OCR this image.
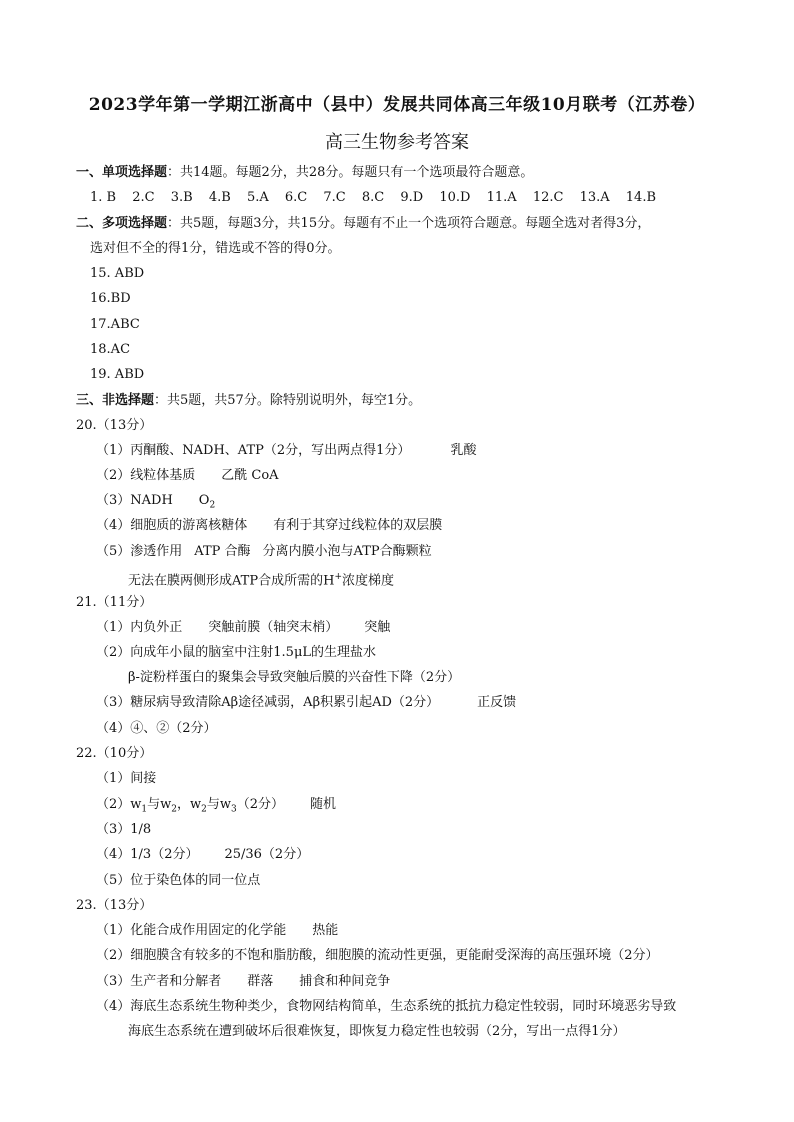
2023学年第一学期江浙高中（县中）发展共同体高三年级10月联考（江苏卷）
高三生物参考答案
一、单项选择题：共14题。每题2分，共28分。每题只有一个选项最符合题意。
1. B 2.C 3.B 4.B 5.A 6.C 7.C 8.C 9.D 10.D 11.A 12.C 13.A 14.B
二、多项选择题：共5题，每题3分，共15分。每题有不止一个选项符合题意。每题全选对者得3分，
选对但不全的得1分，错选或不答的得0分。
15. ABD
16.BD
17.ABC
18.AC
19. ABD
三、非选择题：共5题，共57分。除特别说明外，每空1分。
20.（13分）
（1）丙酮酸、NADH、ATP（2分，写出两点得1分）	乳酸
（2）线粒体基质 乙酰 CoA
（3）NADH $O_2$
（4）细胞质的游离核糖体 有利于其穿过线粒体的双层膜
（5）渗透作用 ATP 合酶 分离内膜小泡与ATP合酶颗粒
无法在膜两侧形成ATP合成所需的H+浓度梯度
21.（11分）
（1）内负外正 突触前膜（轴突末梢） 突触
（2）向成年小鼠的脑室中注射1.5μL的生理盐水
β-淀粉样蛋白的聚集会导致突触后膜的兴奋性下降（2分）
（3）糖尿病导致清除Aβ途径减弱，Aβ积累引起AD（2分）	正反馈
（4）④、②（2分）
22.（10分）
（1）间接
$(2)w_1$与$w_2$，$w_2$与$w_3(2$分） 随机
（3）1/8
（4）1/3（2分） 25/36（2分）
（5）位于染色体的同一位点
23.（13分）
（1）化能合成作用固定的化学能 热能
（2）细胞膜含有较多的不饱和脂肪酸，细胞膜的流动性更强，更能耐受深海的高压强环境（2分）
（3）生产者和分解者 群落 捕食和种间竞争
（4）海底生态系统生物种类少，食物网结构简单，生态系统的抵抗力稳定性较弱，同时环境恶劣导致
海底生态系统在遭到破坏后很难恢复，即恢复力稳定性也较弱（2分，写出一点得1分）
